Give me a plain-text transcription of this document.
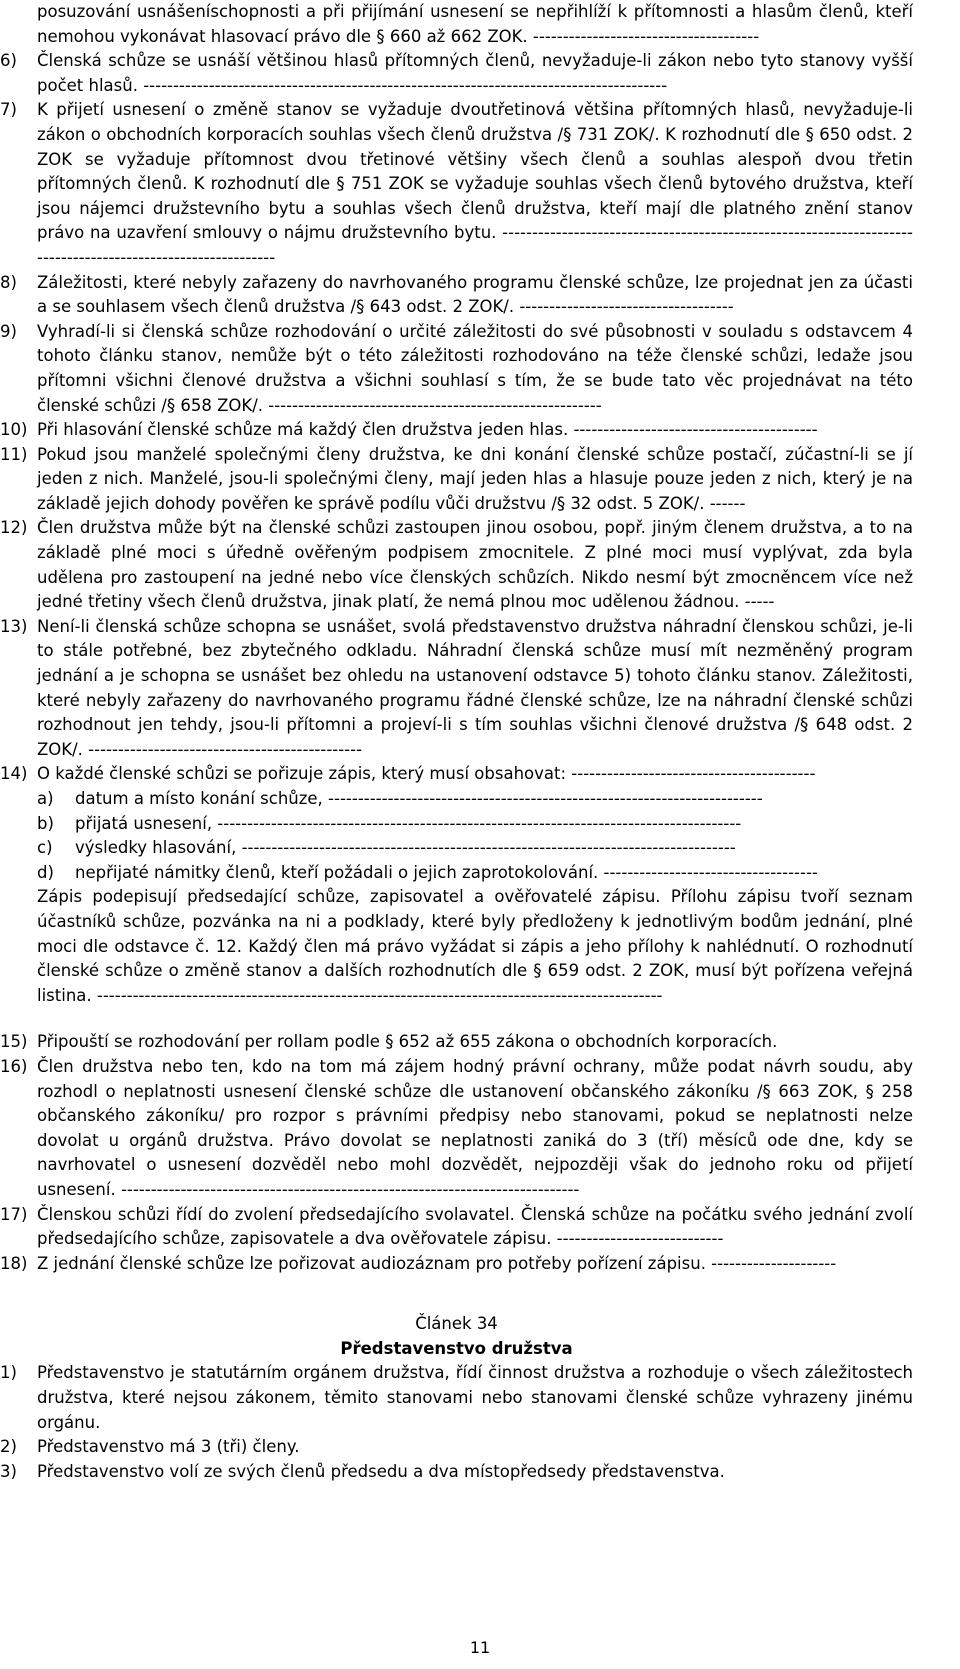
posuzování usnášeníschopnosti a při přijímání usnesení se nepřihlíží k přítomnosti a hlasům členů, kteří nemohou vykonávat hlasovací právo dle § 660 až 662 ZOK. --------------------------------------
6)	Členská schůze se usnáší většinou hlasů přítomných členů, nevyžaduje-li zákon nebo tyto stanovy vyšší počet hlasů. ----------------------------------------------------------------------------------------
7)	K přijetí usnesení o změně stanov se vyžaduje dvoutřetinová většina přítomných hlasů, nevyžaduje-li zákon o obchodních korporacích souhlas všech členů družstva /§ 731 ZOK/. K rozhodnutí dle § 650 odst. 2 ZOK se vyžaduje přítomnost dvou třetinové většiny všech členů a souhlas alespoň dvou třetin přítomných členů. K rozhodnutí dle § 751 ZOK se vyžaduje souhlas všech členů bytového družstva, kteří jsou nájemci družstevního bytu a souhlas všech členů družstva, kteří mají dle platného znění stanov právo na uzavření smlouvy o nájmu družstevního bytu. -------------------------------------------------------------------------------------------------------------
8)	Záležitosti, které nebyly zařazeny do navrhovaného programu členské schůze, lze projednat jen za účasti a se souhlasem všech členů družstva /§ 643 odst. 2 ZOK/. ------------------------------------
9)	Vyhradí-li si členská schůze rozhodování o určité záležitosti do své působnosti v souladu s odstavcem 4 tohoto článku stanov, nemůže být o této záležitosti rozhodováno na téže členské schůzi, ledaže jsou přítomni všichni členové družstva a všichni souhlasí s tím, že se bude tato věc projednávat na této členské schůzi /§ 658 ZOK/. --------------------------------------------------------
10) Při hlasování členské schůze má každý člen družstva jeden hlas. -----------------------------------------
11) Pokud jsou manželé společnými členy družstva, ke dni konání členské schůze postačí, zúčastní-li se jí jeden z nich. Manželé, jsou-li společnými členy, mají jeden hlas a hlasuje pouze jeden z nich, který je na základě jejich dohody pověřen ke správě podílu vůči družstvu /§ 32 odst. 5 ZOK/. ------
12) Člen družstva může být na členské schůzi zastoupen jinou osobou, popř. jiným členem družstva, a to na základě plné moci s úředně ověřeným podpisem zmocnitele. Z plné moci musí vyplývat, zda byla udělena pro zastoupení na jedné nebo více členských schůzích. Nikdo nesmí být zmocněncem více než jedné třetiny všech členů družstva, jinak platí, že nemá plnou moc udělenou žádnou. -----
13) Není-li členská schůze schopna se usnášet, svolá představenstvo družstva náhradní členskou schůzi, je-li to stále potřebné, bez zbytečného odkladu. Náhradní členská schůze musí mít nezměněný program jednání a je schopna se usnášet bez ohledu na ustanovení odstavce 5) tohoto článku stanov. Záležitosti, které nebyly zařazeny do navrhovaného programu řádné členské schůze, lze na náhradní členské schůzi rozhodnout jen tehdy, jsou-li přítomni a projeví-li s tím souhlas všichni členové družstva /§ 648 odst. 2 ZOK/. ----------------------------------------------
14) O každé členské schůzi se pořizuje zápis, který musí obsahovat: -----------------------------------------
a)	datum a místo konání schůze, -------------------------------------------------------------------------
b)	přijatá usnesení, ----------------------------------------------------------------------------------------
c)	výsledky hlasování, -----------------------------------------------------------------------------------
d)	nepřijaté námitky členů, kteří požádali o jejich zaprotokolování. ------------------------------------
Zápis podepisují předsedající schůze, zapisovatel a ověřovatelé zápisu. Přílohu zápisu tvoří seznam účastníků schůze, pozvánka na ni a podklady, které byly předloženy k jednotlivým bodům jednání, plné moci dle odstavce č. 12. Každý člen má právo vyžádat si zápis a jeho přílohy k nahlédnutí. O rozhodnutí členské schůze o změně stanov a dalších rozhodnutích dle § 659 odst. 2 ZOK, musí být pořízena veřejná listina. -----------------------------------------------------------------------------------------------
15) Připouští se rozhodování per rollam podle § 652 až 655 zákona o obchodních korporacích.
16) Člen družstva nebo ten, kdo na tom má zájem hodný právní ochrany, může podat návrh soudu, aby rozhodl o neplatnosti usnesení členské schůze dle ustanovení občanského zákoníku /§ 663 ZOK, § 258 občanského zákoníku/ pro rozpor s právními předpisy nebo stanovami, pokud se neplatnosti nelze dovolat u orgánů družstva. Právo dovolat se neplatnosti zaniká do 3 (tří) měsíců ode dne, kdy se navrhovatel o usnesení dozvěděl nebo mohl dozvědět, nejpozději však do jednoho roku od přijetí usnesení. -----------------------------------------------------------------------------
17) Členskou schůzi řídí do zvolení předsedajícího svolavatel. Členská schůze na počátku svého jednání zvolí předsedajícího schůze, zapisovatele a dva ověřovatele zápisu. ----------------------------
18) Z jednání členské schůze lze pořizovat audiozáznam pro potřeby pořízení zápisu. ---------------------
Článek 34
Představenstvo družstva
1)	Představenstvo je statutárním orgánem družstva, řídí činnost družstva a rozhoduje o všech záležitostech družstva, které nejsou zákonem, těmito stanovami nebo stanovami členské schůze vyhrazeny jinému orgánu.
2)	Představenstvo má 3 (tři) členy.
3)	Představenstvo volí ze svých členů předsedu a dva místopředsedy představenstva.
11
